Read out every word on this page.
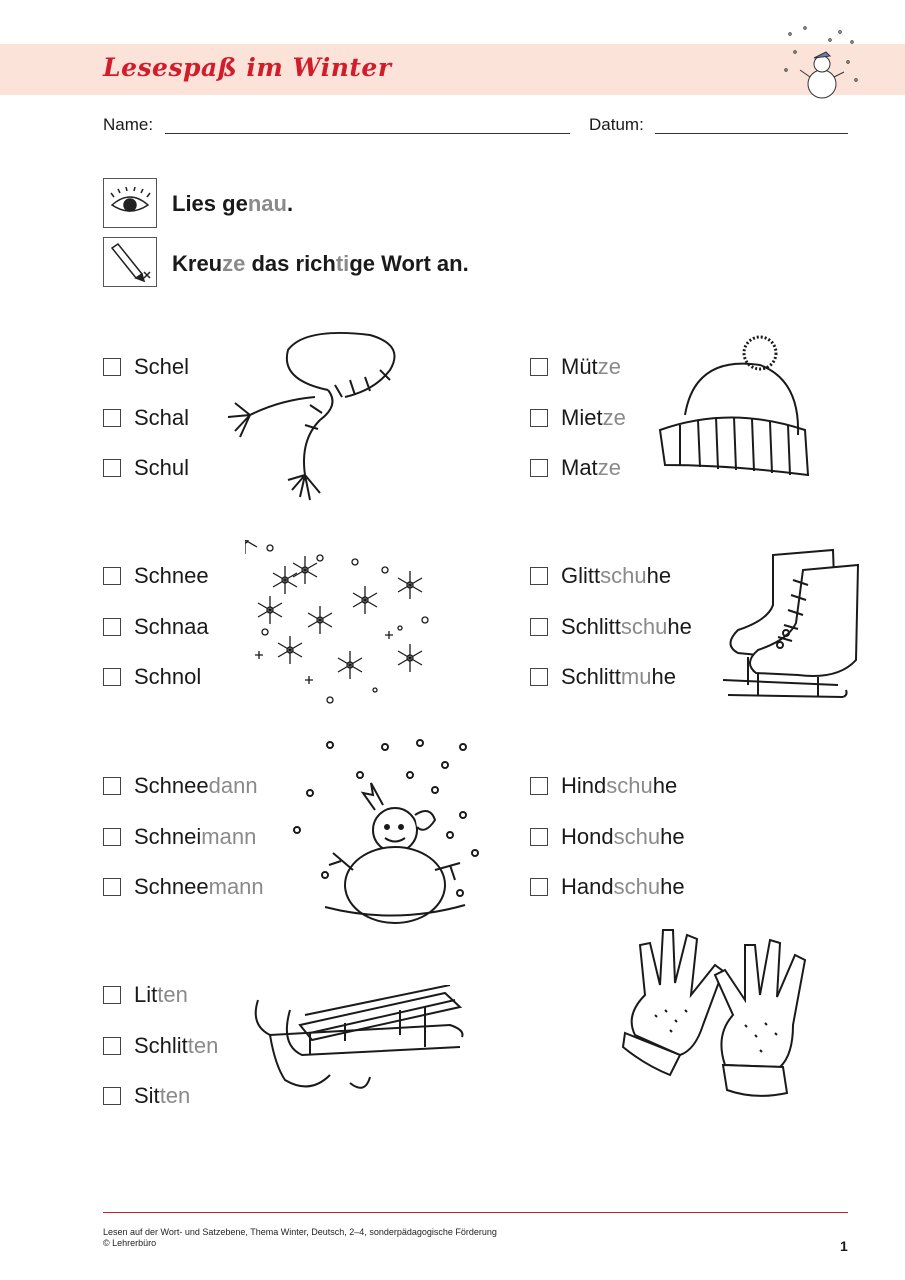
Lesespaß im Winter
Name:	Datum:
Lies genau.
Kreuze das richtige Wort an.
Schel
Schal
Schul
Mütze
Mietze
Matze
Schnee
Schnaa
Schnol
Glittschuhe
Schlittschuhe
Schlittmuhe
Schneedann
Schneimann
Schneemann
Hindschuhe
Hondschuhe
Handschuhe
Litten
Schlitten
Sitten
Lesen auf der Wort- und Satzebene, Thema Winter, Deutsch, 2–4, sonderpädagogische Förderung
© Lehrerbüro	1
